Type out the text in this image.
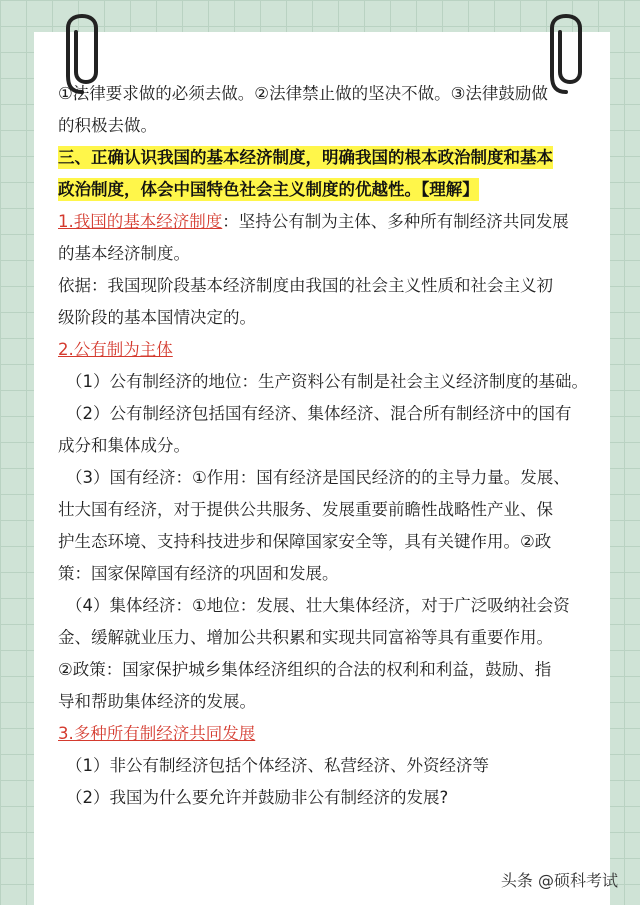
①法律要求做的必须去做。②法律禁止做的坚决不做。③法律鼓励做
的积极去做。
三、正确认识我国的基本经济制度，明确我国的根本政治制度和基本
政治制度，体会中国特色社会主义制度的优越性。【理解】
1.我国的基本经济制度：坚持公有制为主体、多种所有制经济共同发展
的基本经济制度。
依据：我国现阶段基本经济制度由我国的社会主义性质和社会主义初
级阶段的基本国情决定的。
2.公有制为主体
（1）公有制经济的地位：生产资料公有制是社会主义经济制度的基础。
（2）公有制经济包括国有经济、集体经济、混合所有制经济中的国有
成分和集体成分。
（3）国有经济：①作用：国有经济是国民经济的的主导力量。发展、
壮大国有经济，对于提供公共服务、发展重要前瞻性战略性产业、保
护生态环境、支持科技进步和保障国家安全等，具有关键作用。②政
策：国家保障国有经济的巩固和发展。
（4）集体经济：①地位：发展、壮大集体经济，对于广泛吸纳社会资
金、缓解就业压力、增加公共积累和实现共同富裕等具有重要作用。
②政策：国家保护城乡集体经济组织的合法的权利和利益，鼓励、指
导和帮助集体经济的发展。
3.多种所有制经济共同发展
（1）非公有制经济包括个体经济、私营经济、外资经济等
（2）我国为什么要允许并鼓励非公有制经济的发展?
头条 @硕科考试
